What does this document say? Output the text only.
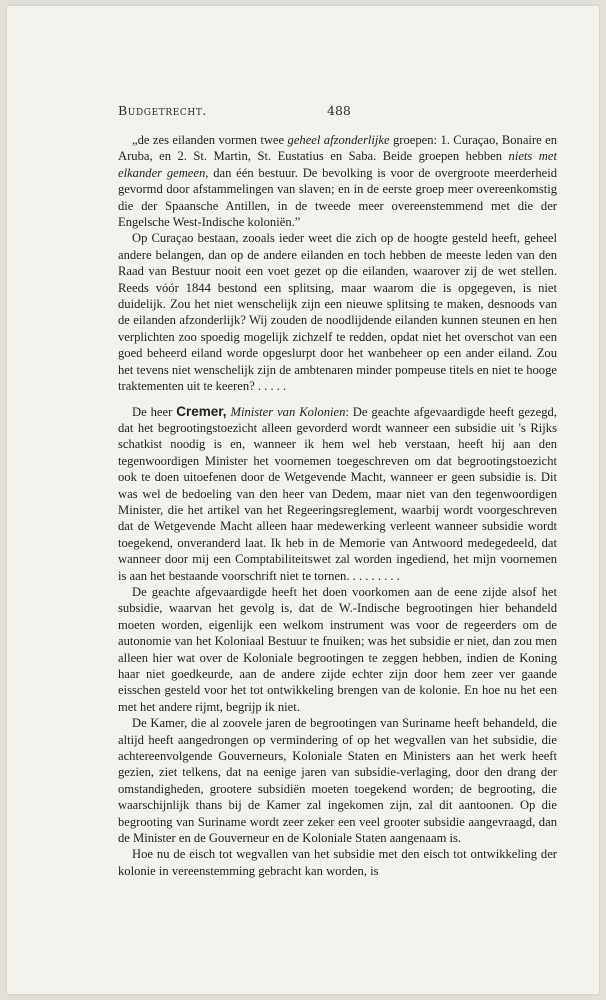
Budgetrecht.	488

„de zes eilanden vormen twee geheel afzonderlijke groepen: 1. Curaçao, Bonaire en Aruba, en 2. St. Martin, St. Eustatius en Saba. Beide groepen hebben niets met elkander gemeen, dan één bestuur. De bevolking is voor de overgroote meerderheid gevormd door afstammelingen van slaven; en in de eerste groep meer overeenkomstig die der Spaansche Antillen, in de tweede meer overeenstemmend met die der Engelsche West-Indische koloniën.”

Op Curaçao bestaan, zooals ieder weet die zich op de hoogte gesteld heeft, geheel andere belangen, dan op de andere eilanden en toch hebben de meeste leden van den Raad van Bestuur nooit een voet gezet op die eilanden, waarover zij de wet stellen. Reeds vóór 1844 bestond een splitsing, maar waarom die is opgegeven, is niet duidelijk. Zou het niet wenschelijk zijn een nieuwe splitsing te maken, desnoods van de eilanden afzonderlijk? Wij zouden de noodlijdende eilanden kunnen steunen en hen verplichten zoo spoedig mogelijk zichzelf te redden, opdat niet het overschot van een goed beheerd eiland worde opgeslurpt door het wanbeheer op een ander eiland. Zou het tevens niet wenschelijk zijn de ambtenaren minder pompeuse titels en niet te hooge traktementen uit te keeren? . . . . .

De heer Cremer, Minister van Kolonien: De geachte afgevaardigde heeft gezegd, dat het begrootingstoezicht alleen gevorderd wordt wanneer een subsidie uit 's Rijks schatkist noodig is en, wanneer ik hem wel heb verstaan, heeft hij aan den tegenwoordigen Minister het voornemen toegeschreven om dat begrootingstoezicht ook te doen uitoefenen door de Wetgevende Macht, wanneer er geen subsidie is. Dit was wel de bedoeling van den heer van Dedem, maar niet van den tegenwoordigen Minister, die het artikel van het Regeeringsreglement, waarbij wordt voorgeschreven dat de Wetgevende Macht alleen haar medewerking verleent wanneer subsidie wordt toegekend, onveranderd laat. Ik heb in de Memorie van Antwoord medegedeeld, dat wanneer door mij een Comptabiliteitswet zal worden ingediend, het mijn voornemen is aan het bestaande voorschrift niet te tornen. . . . . . . . .

De geachte afgevaardigde heeft het doen voorkomen aan de eene zijde alsof het subsidie, waarvan het gevolg is, dat de W.-Indische begrootingen hier behandeld moeten worden, eigenlijk een welkom instrument was voor de regeerders om de autonomie van het Koloniaal Bestuur te fnuiken; was het subsidie er niet, dan zou men alleen hier wat over de Koloniale begrootingen te zeggen hebben, indien de Koning haar niet goedkeurde, aan de andere zijde echter zijn door hem zeer ver gaande eisschen gesteld voor het tot ontwikkeling brengen van de kolonie. En hoe nu het een met het andere rijmt, begrijp ik niet.

De Kamer, die al zoovele jaren de begrootingen van Suriname heeft behandeld, die altijd heeft aangedrongen op vermindering of op het wegvallen van het subsidie, die achtereenvolgende Gouverneurs, Koloniale Staten en Ministers aan het werk heeft gezien, ziet telkens, dat na eenige jaren van subsidie-verlaging, door den drang der omstandigheden, grootere subsidiën moeten toegekend worden; de begrooting, die waarschijnlijk thans bij de Kamer zal ingekomen zijn, zal dit aantoonen. Op die begrooting van Suriname wordt zeer zeker een veel grooter subsidie aangevraagd, dan de Minister en de Gouverneur en de Koloniale Staten aangenaam is.

Hoe nu de eisch tot wegvallen van het subsidie met den eisch tot ontwikkeling der kolonie in vereenstemming gebracht kan worden, is
